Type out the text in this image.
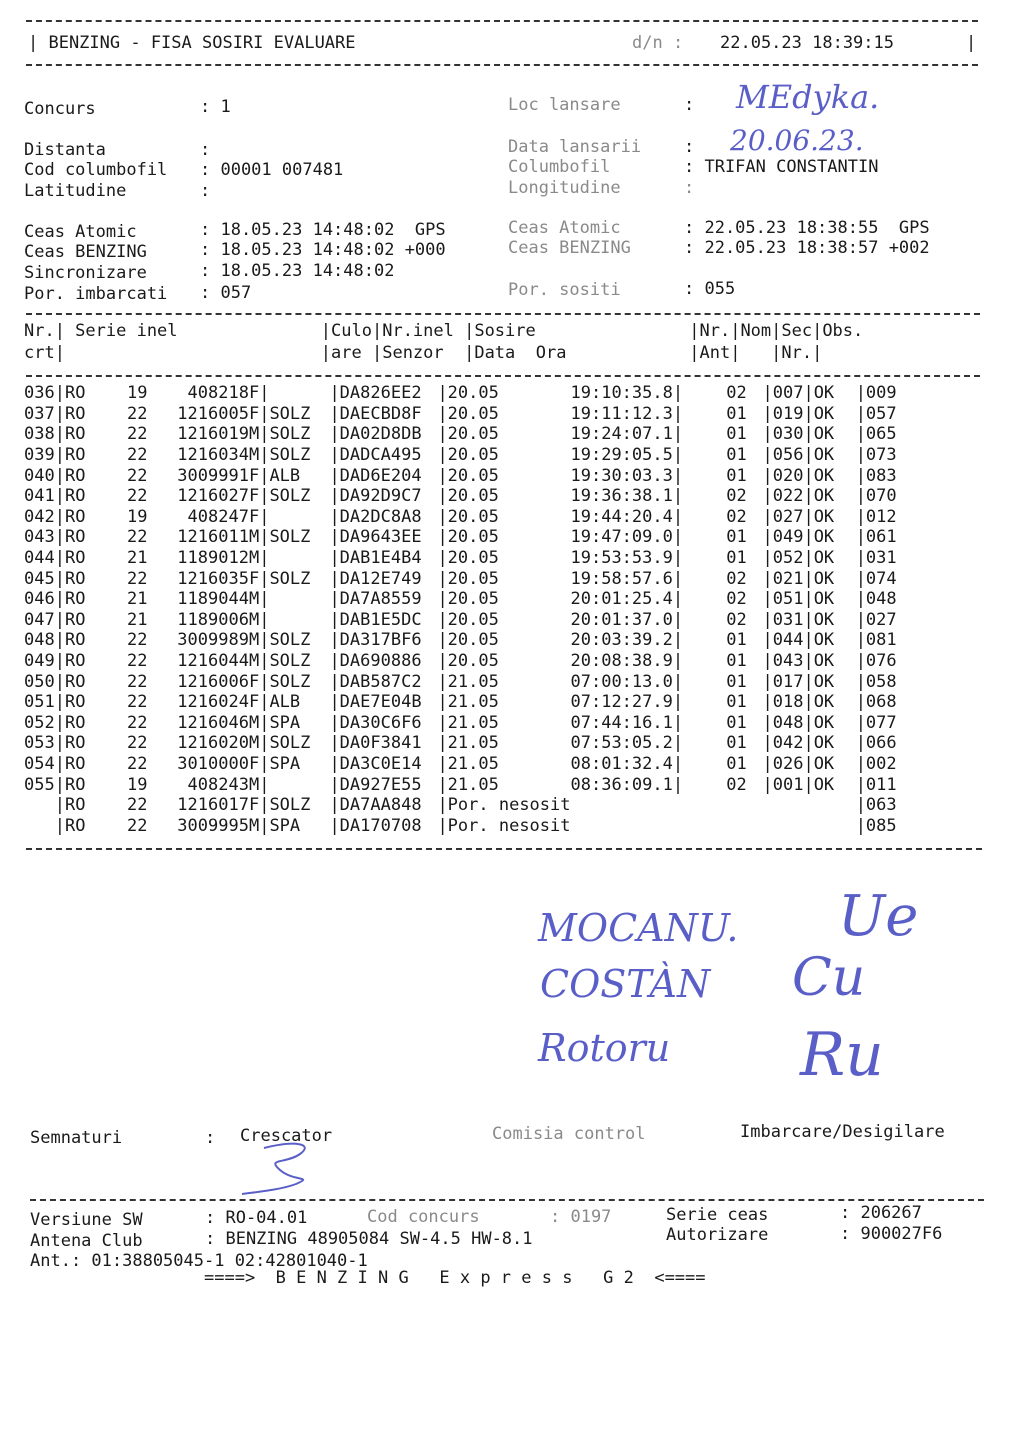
| BENZING - FISA SOSIRI EVALUARE	d/n : 22.05.23 18:39:15	|
Concurs	: 1
Distanta	:
Cod columbofil : 00001 007481
Latitudine	:
Loc lansare	: MEdyka.
Data lansarii	: 20.06.23.
Columbofil	: TRIFAN CONSTANTIN
Longitudine	:
Ceas Atomic	: 18.05.23 14:48:02  GPS
Ceas BENZING	: 18.05.23 14:48:02 +000
Sincronizare	: 18.05.23 14:48:02
Por. imbarcati : 057
Ceas Atomic	: 22.05.23 18:38:55  GPS
Ceas BENZING	: 22.05.23 18:38:57 +002
Por. sositi	: 055
Nr.| Serie inel              |Culo|Nr.inel |Sosire               |Nr.|Nom|Sec|Obs.
crt|                         |are |Senzor  |Data  Ora            |Ant|   |Nr.|
036|	RO	19	408218	F|		|DA826EE2	|20.05	19:10:35.8|	02	|007|	OK	|009
037|	RO	22	1216005	F|	SOLZ	|DAECBD8F	|20.05	19:11:12.3|	01	|019|	OK	|057
038|	RO	22	1216019	M|	SOLZ	|DA02D8DB	|20.05	19:24:07.1|	01	|030|	OK	|065
039|	RO	22	1216034	M|	SOLZ	|DADCA495	|20.05	19:29:05.5|	01	|056|	OK	|073
040|	RO	22	3009991	F|	ALB	|DAD6E204	|20.05	19:30:03.3|	01	|020|	OK	|083
041|	RO	22	1216027	F|	SOLZ	|DA92D9C7	|20.05	19:36:38.1|	02	|022|	OK	|070
042|	RO	19	408247	F|		|DA2DC8A8	|20.05	19:44:20.4|	02	|027|	OK	|012
043|	RO	22	1216011	M|	SOLZ	|DA9643EE	|20.05	19:47:09.0|	01	|049|	OK	|061
044|	RO	21	1189012	M|		|DAB1E4B4	|20.05	19:53:53.9|	01	|052|	OK	|031
045|	RO	22	1216035	F|	SOLZ	|DA12E749	|20.05	19:58:57.6|	02	|021|	OK	|074
046|	RO	21	1189044	M|		|DA7A8559	|20.05	20:01:25.4|	02	|051|	OK	|048
047|	RO	21	1189006	M|		|DAB1E5DC	|20.05	20:01:37.0|	02	|031|	OK	|027
048|	RO	22	3009989	M|	SOLZ	|DA317BF6	|20.05	20:03:39.2|	01	|044|	OK	|081
049|	RO	22	1216044	M|	SOLZ	|DA690886	|20.05	20:08:38.9|	01	|043|	OK	|076
050|	RO	22	1216006	F|	SOLZ	|DAB587C2	|21.05	07:00:13.0|	01	|017|	OK	|058
051|	RO	22	1216024	F|	ALB	|DAE7E04B	|21.05	07:12:27.9|	01	|018|	OK	|068
052|	RO	22	1216046	M|	SPA	|DA30C6F6	|21.05	07:44:16.1|	01	|048|	OK	|077
053|	RO	22	1216020	M|	SOLZ	|DA0F3841	|21.05	07:53:05.2|	01	|042|	OK	|066
054|	RO	22	3010000	F|	SPA	|DA3C0E14	|21.05	08:01:32.4|	01	|026|	OK	|002
055|	RO	19	408243	M|		|DA927E55	|21.05	08:36:09.1|	02	|001|	OK	|011
|	RO	22	1216017	F|	SOLZ	|DA7AA848	|Por. nesosit					|063
|	RO	22	3009995	M|	SPA	|DA170708	|Por. nesosit					|085
MOCANU.
COSTÀN
Rotoru
Ue
Cu
Ru
Semnaturi	: Crescator	Comisia control	Imbarcare/Desigilare
Versiune SW	: RO-04.01	Cod concurs	: 0197	Serie ceas	: 206267
Antena Club	: BENZING 48905084 SW-4.5 HW-8.1	Autorizare	: 900027F6
Ant.: 01:38805045-1 02:42801040-1
====>  B E N Z I N G   E x p r e s s   G 2  <====
